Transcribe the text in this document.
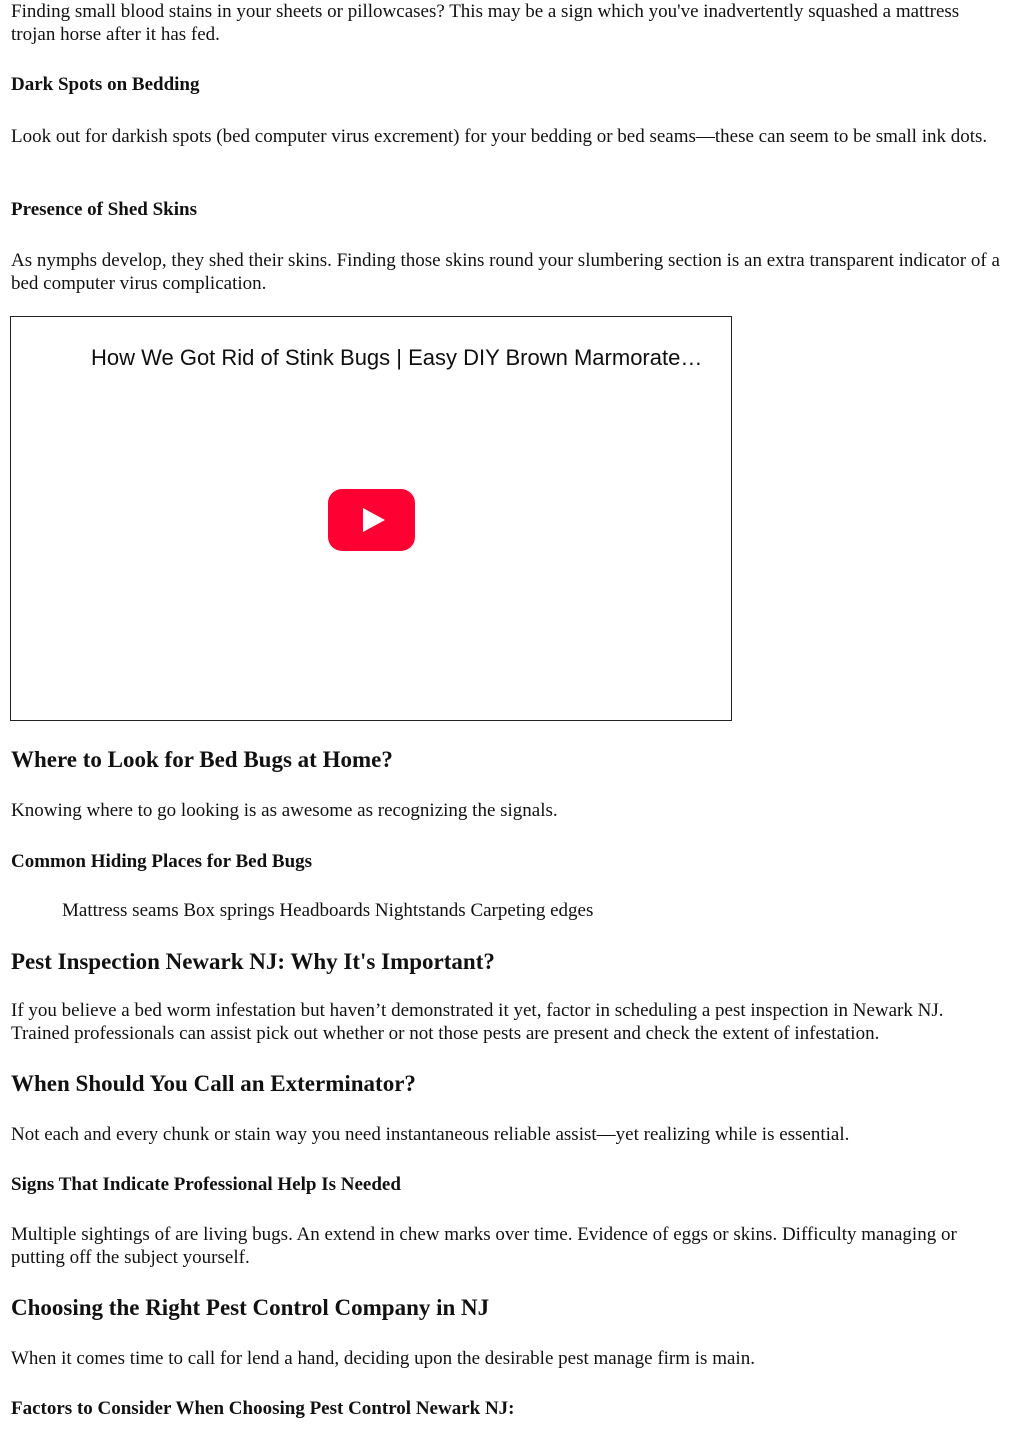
Finding small blood stains in your sheets or pillowcases? This may be a sign which you've inadvertently squashed a mattress trojan horse after it has fed.

Dark Spots on Bedding

Look out for darkish spots (bed computer virus excrement) for your bedding or bed seams—these can seem to be small ink dots.

Presence of Shed Skins

As nymphs develop, they shed their skins. Finding those skins round your slumbering section is an extra transparent indicator of a bed computer virus complication.

How We Got Rid of Stink Bugs | Easy DIY Brown Marmorate…
Where to Look for Bed Bugs at Home?

Knowing where to go looking is as awesome as recognizing the signals.

Common Hiding Places for Bed Bugs

Mattress seams Box springs Headboards Nightstands Carpeting edges

Pest Inspection Newark NJ: Why It's Important?

If you believe a bed worm infestation but haven’t demonstrated it yet, factor in scheduling a pest inspection in Newark NJ. Trained professionals can assist pick out whether or not those pests are present and check the extent of infestation.

When Should You Call an Exterminator?

Not each and every chunk or stain way you need instantaneous reliable assist—yet realizing while is essential.

Signs That Indicate Professional Help Is Needed

Multiple sightings of are living bugs. An extend in chew marks over time. Evidence of eggs or skins. Difficulty managing or putting off the subject yourself.

Choosing the Right Pest Control Company in NJ

When it comes time to call for lend a hand, deciding upon the desirable pest manage firm is main.

Factors to Consider When Choosing Pest Control Newark NJ:
